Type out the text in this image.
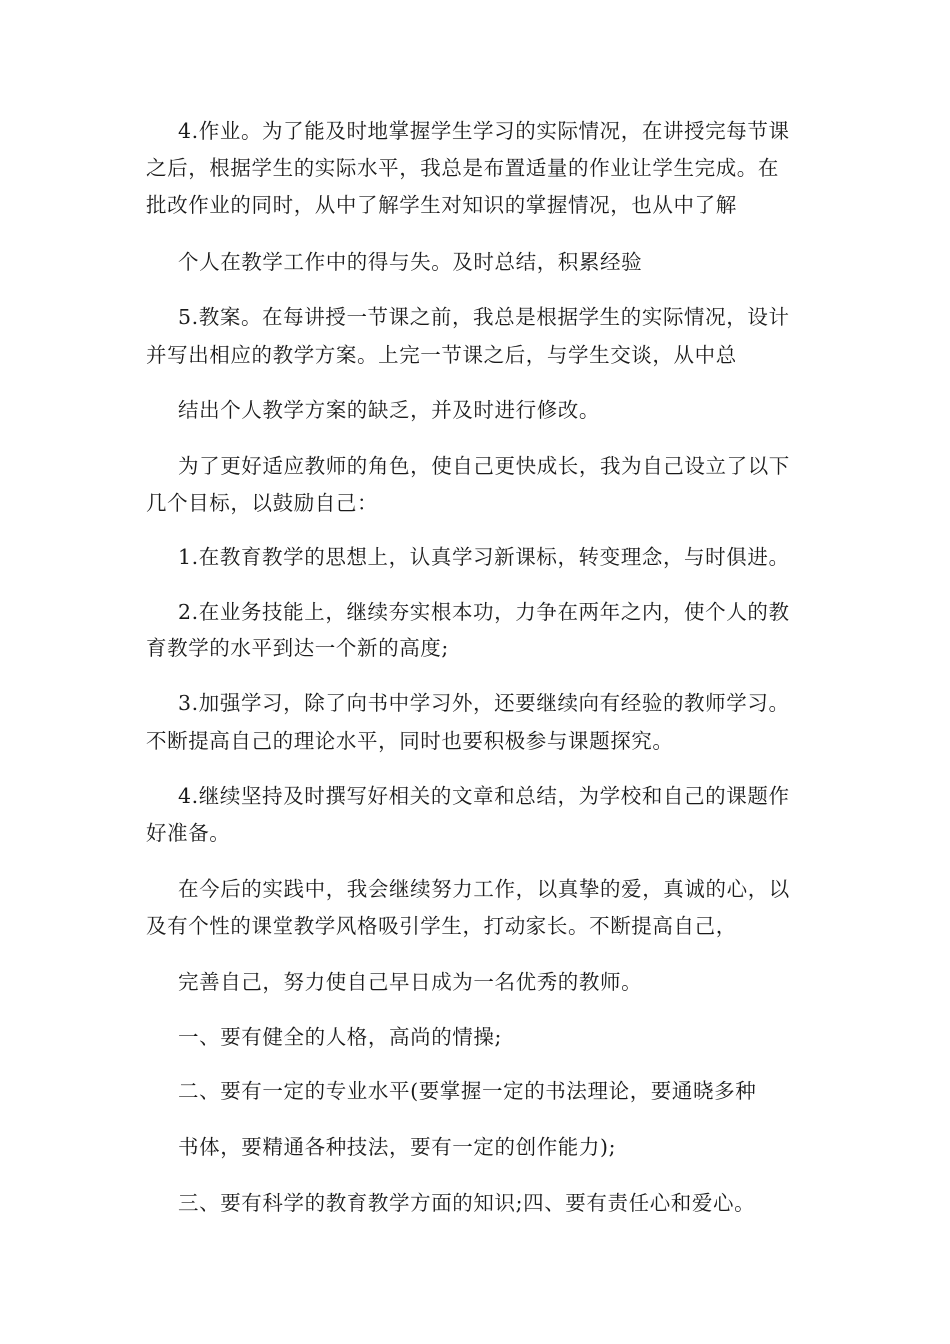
4.作业。为了能及时地掌握学生学习的实际情况，在讲授完每节课
之后，根据学生的实际水平，我总是布置适量的作业让学生完成。在
批改作业的同时，从中了解学生对知识的掌握情况，也从中了解
个人在教学工作中的得与失。及时总结，积累经验
5.教案。在每讲授一节课之前，我总是根据学生的实际情况，设计
并写出相应的教学方案。上完一节课之后，与学生交谈，从中总
结出个人教学方案的缺乏，并及时进行修改。
为了更好适应教师的角色，使自己更快成长，我为自己设立了以下
几个目标，以鼓励自己：
1.在教育教学的思想上，认真学习新课标，转变理念，与时俱进。
2.在业务技能上，继续夯实根本功，力争在两年之内，使个人的教
育教学的水平到达一个新的高度;
3.加强学习，除了向书中学习外，还要继续向有经验的教师学习。
不断提高自己的理论水平，同时也要积极参与课题探究。
4.继续坚持及时撰写好相关的文章和总结，为学校和自己的课题作
好准备。
在今后的实践中，我会继续努力工作，以真挚的爱，真诚的心，以
及有个性的课堂教学风格吸引学生，打动家长。不断提高自己，
完善自己，努力使自己早日成为一名优秀的教师。
一、要有健全的人格，高尚的情操;
二、要有一定的专业水平(要掌握一定的书法理论，要通晓多种
书体，要精通各种技法，要有一定的创作能力);
三、要有科学的教育教学方面的知识;四、要有责任心和爱心。
